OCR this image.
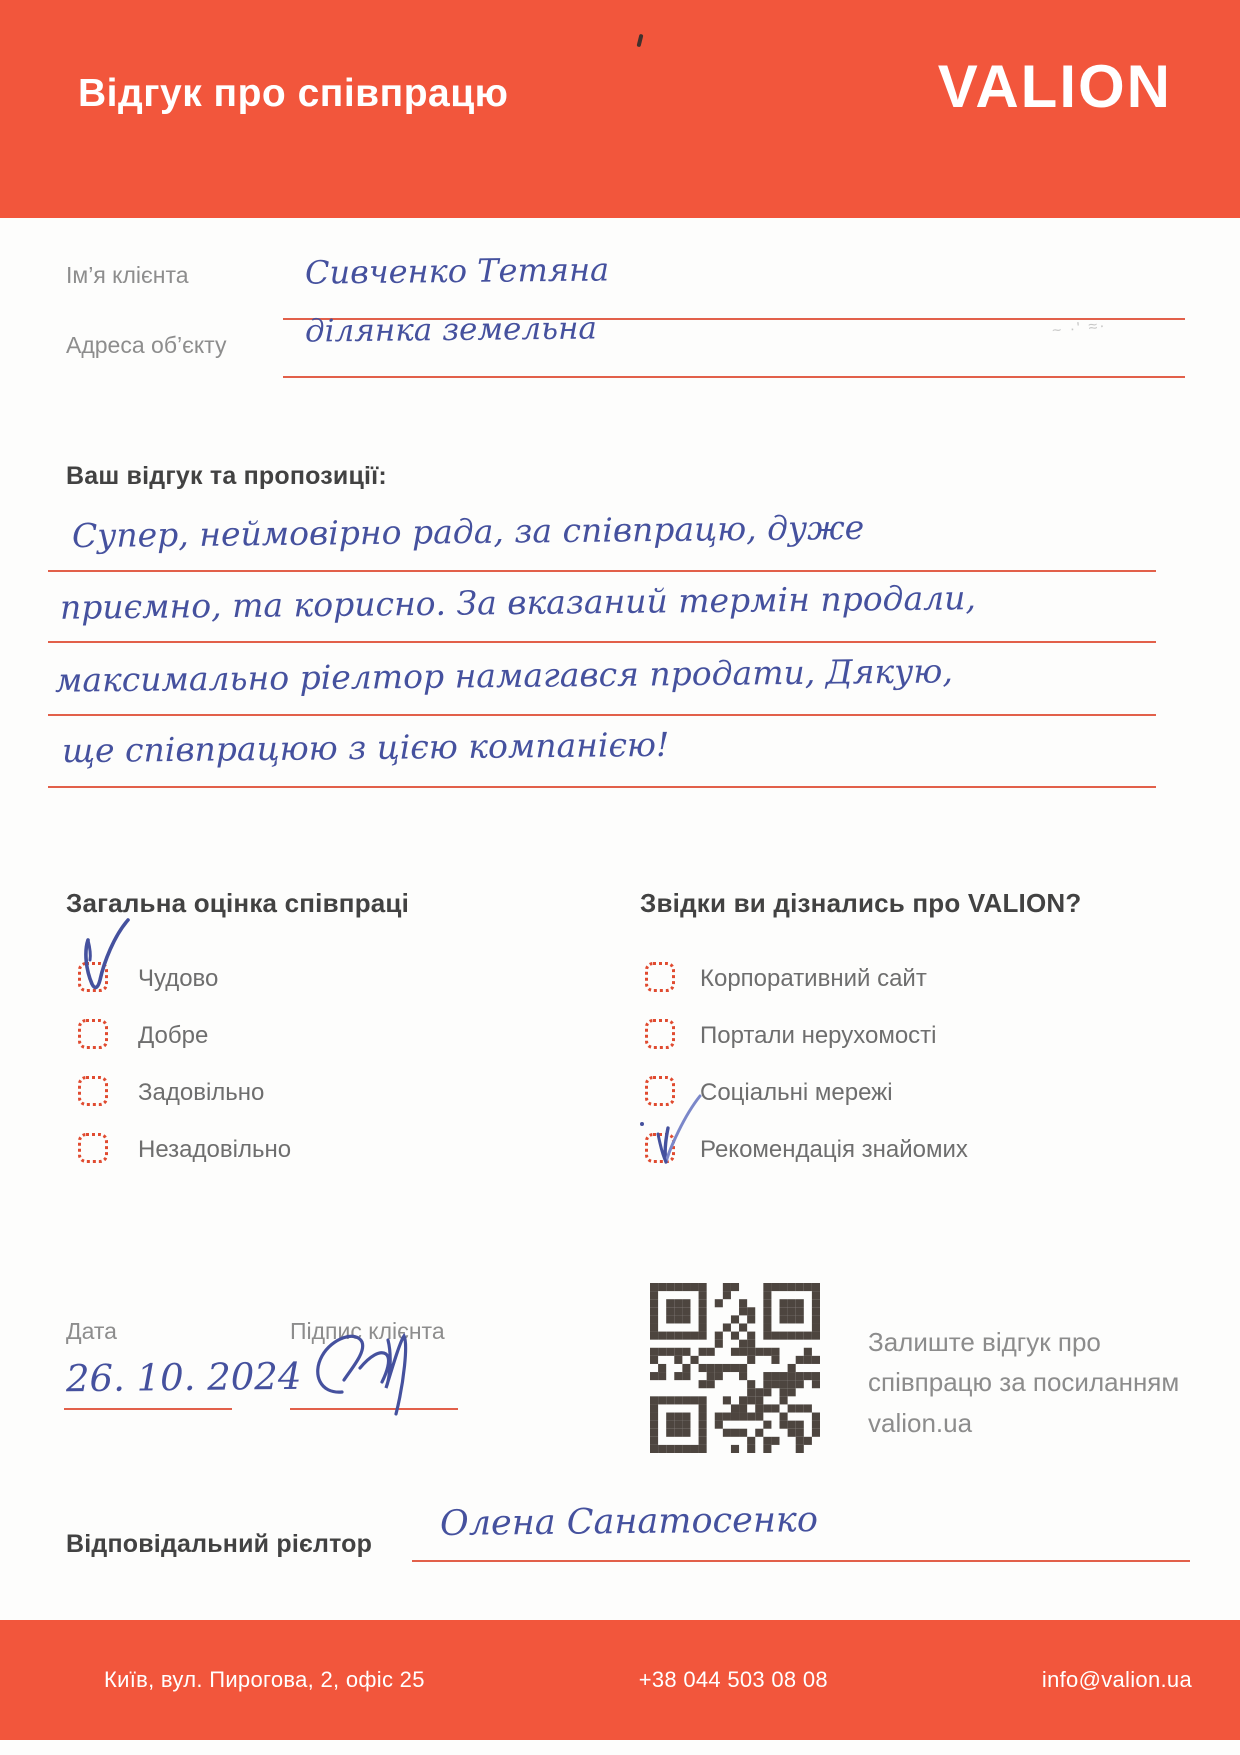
Відгук про співпрацю	VALION
Ім’я клієнта	Сивченко Тетяна
~ ·' ≈·
Адреса об’єкту	ділянка земельна
Ваш відгук та пропозиції:
Супер, неймовірно рада, за співпрацю, дуже
приємно, та корисно. За вказаний термін продали,
максимально ріелтор намагався продати, Дякую,
ще співпрацюю з цією компанією!
Загальна оцінка співпраці
Чудово
Добре
Задовільно
Незадовільно
Звідки ви дізнались про VALION?
Корпоративний сайт
Портали нерухомості
Соціальні мережі
Рекомендація знайомих
Дата
26. 10. 2024
Підпис клієнта	Залиште відгук про співпрацю за посиланням valion.ua
Відповідальний рієлтор
Олена Санатосенко
Київ, вул. Пирогова, 2, офіс 25	+38 044 503 08 08	info@valion.ua
